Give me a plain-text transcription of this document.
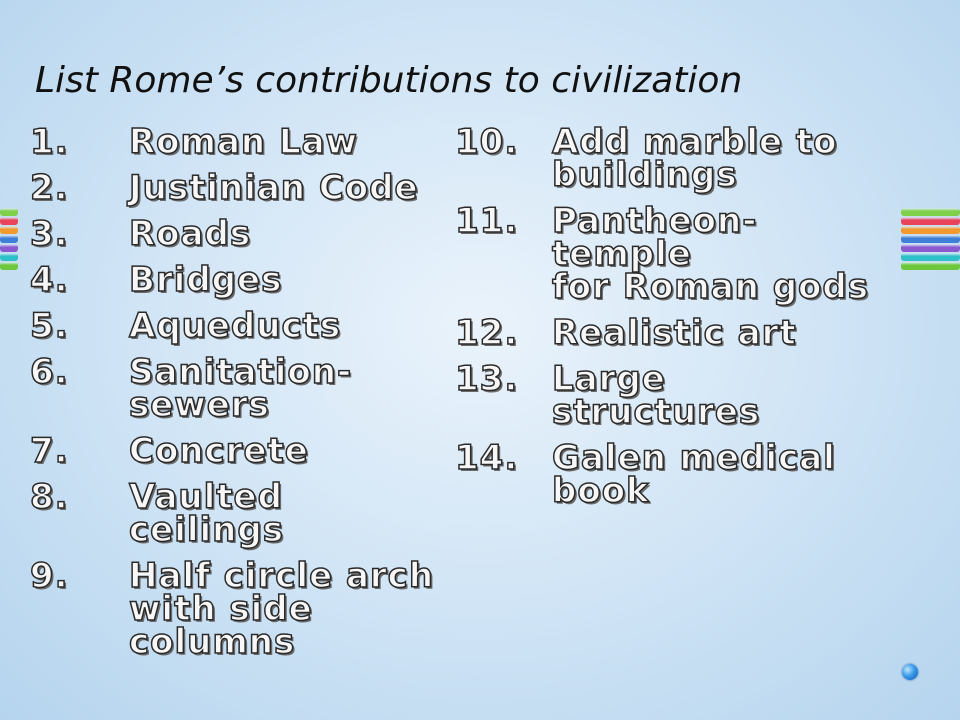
List Rome’s contributions to civilization
1.	Roman Law
2.	Justinian Code
3.	Roads
4.	Bridges
5.	Aqueducts
6.	Sanitation-
sewers
7.	Concrete
8.	Vaulted ceilings
9.	Half circle arch
with side
columns
10. Add marble to
buildings
11. Pantheon-temple
for Roman gods
12. Realistic art
13. Large structures
14. Galen medical
book
